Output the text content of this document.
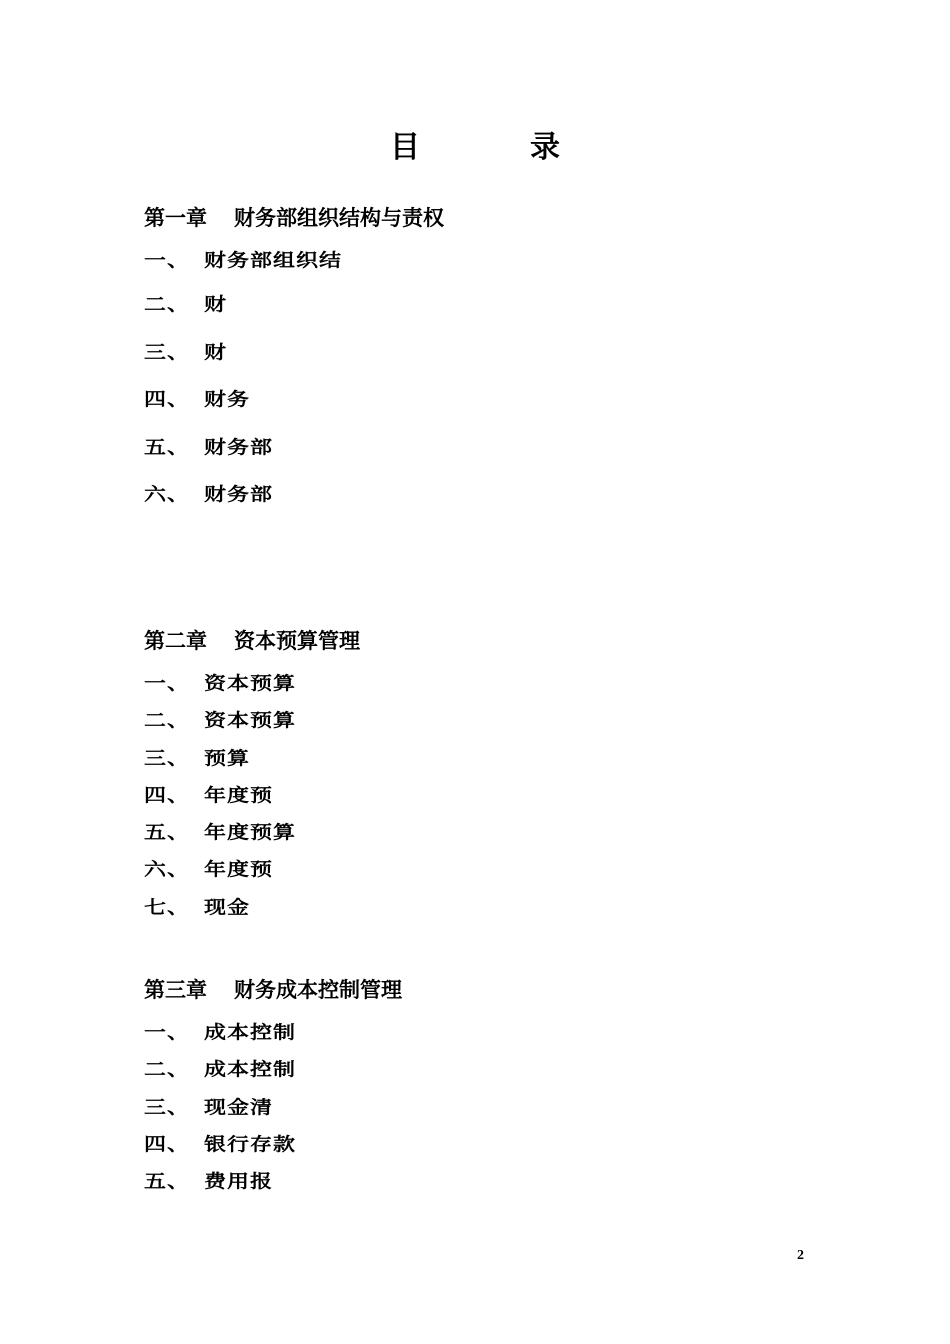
目　录
第一章 财务部组织结构与责权
一、 财务部组织结
二、 财
三、 财
四、 财务
五、 财务部
六、 财务部
第二章 资本预算管理
一、 资本预算
二、 资本预算
三、 预算
四、 年度预
五、 年度预算
六、 年度预
七、 现金
第三章 财务成本控制管理
一、 成本控制
二、 成本控制
三、 现金清
四、 银行存款
五、 费用报
2
